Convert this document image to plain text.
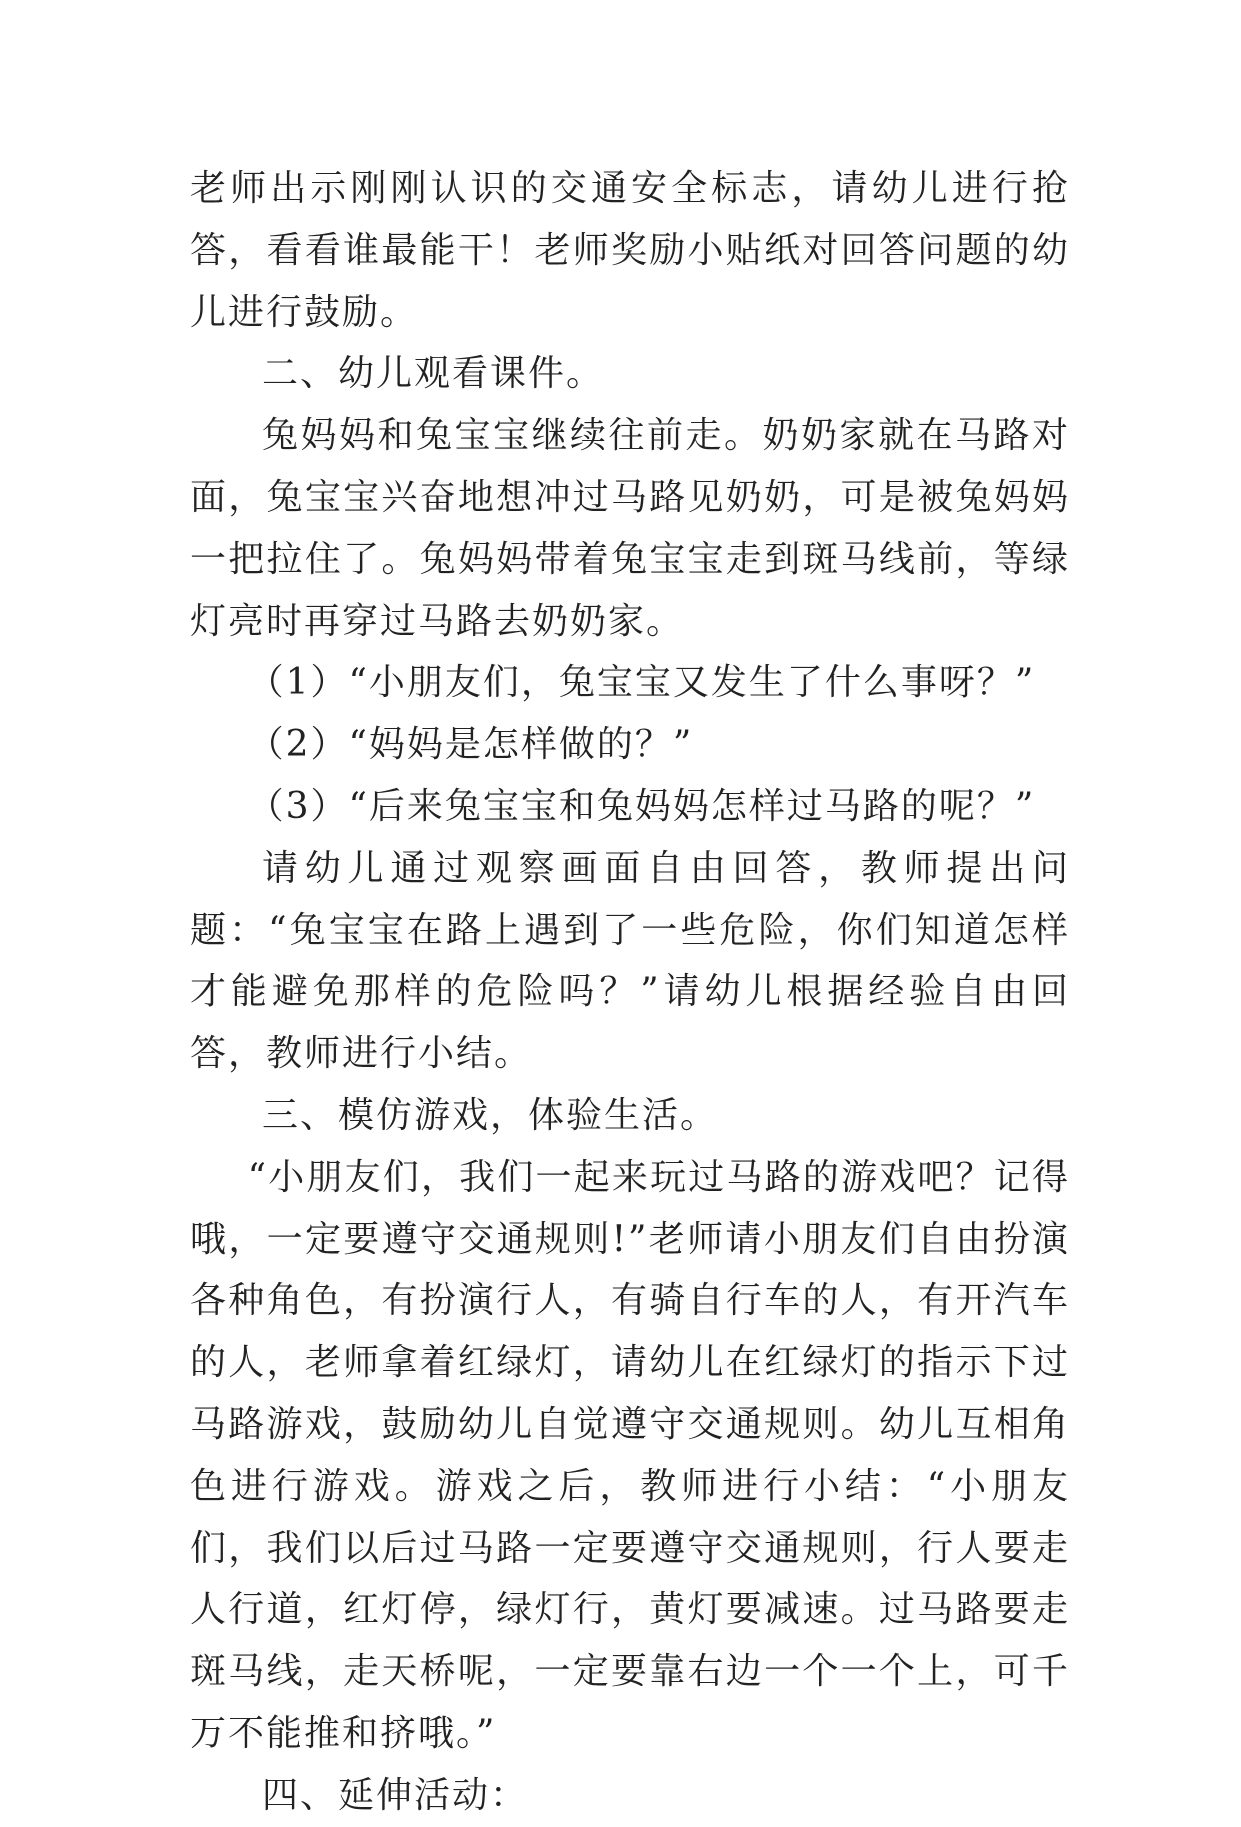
老师出示刚刚认识的交通安全标志，请幼儿进行抢答，看看谁最能干！老师奖励小贴纸对回答问题的幼儿进行鼓励。

二、幼儿观看课件。

兔妈妈和兔宝宝继续往前走。奶奶家就在马路对面，兔宝宝兴奋地想冲过马路见奶奶，可是被兔妈妈一把拉住了。兔妈妈带着兔宝宝走到斑马线前，等绿灯亮时再穿过马路去奶奶家。

（1）“小朋友们，兔宝宝又发生了什么事呀？”

（2）“妈妈是怎样做的？”

（3）“后来兔宝宝和兔妈妈怎样过马路的呢？”

请幼儿通过观察画面自由回答，教师提出问题：“兔宝宝在路上遇到了一些危险，你们知道怎样才能避免那样的危险吗？”请幼儿根据经验自由回答，教师进行小结。

三、模仿游戏，体验生活。

“小朋友们，我们一起来玩过马路的游戏吧？记得哦，一定要遵守交通规则!”老师请小朋友们自由扮演各种角色，有扮演行人，有骑自行车的人，有开汽车的人，老师拿着红绿灯，请幼儿在红绿灯的指示下过马路游戏，鼓励幼儿自觉遵守交通规则。幼儿互相角色进行游戏。游戏之后，教师进行小结：“小朋友们，我们以后过马路一定要遵守交通规则，行人要走人行道，红灯停，绿灯行，黄灯要减速。过马路要走斑马线，走天桥呢，一定要靠右边一个一个上，可千万不能推和挤哦。”

四、延伸活动：
